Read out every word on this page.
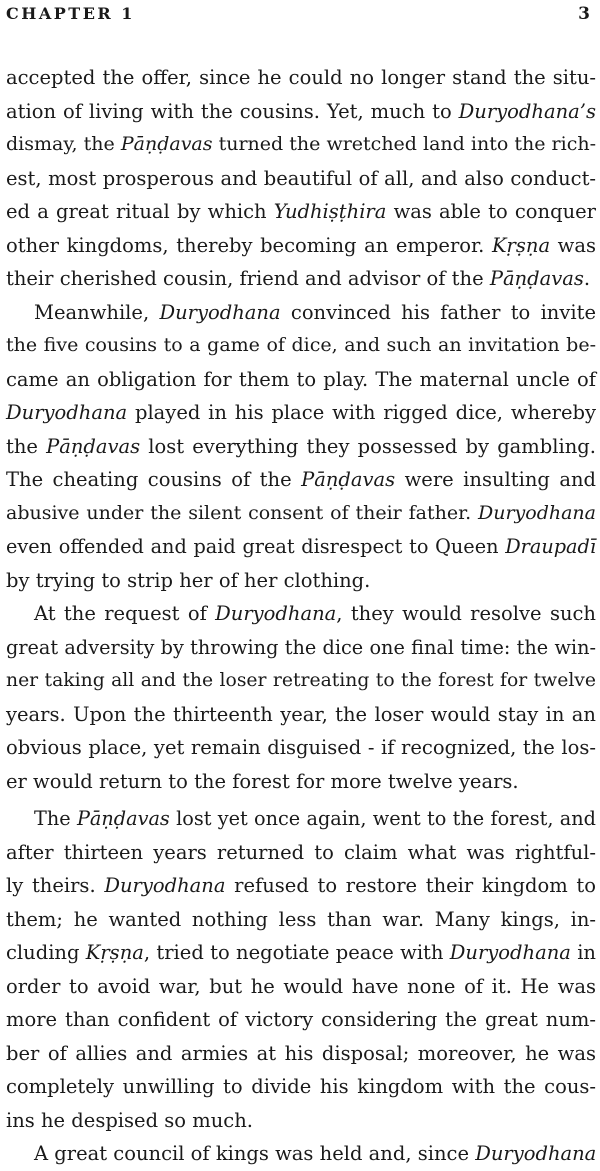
CHAPTER 1	3
accepted the offer, since he could no longer stand the situ-
ation of living with the cousins. Yet, much to Duryodhana’s
dismay, the Pāṇḍavas turned the wretched land into the rich-
est, most prosperous and beautiful of all, and also conduct-
ed a great ritual by which Yudhiṣṭhira was able to conquer
other kingdoms, thereby becoming an emperor. Kṛṣṇa was
their cherished cousin, friend and advisor of the Pāṇḍavas.
Meanwhile, Duryodhana convinced his father to invite
the five cousins to a game of dice, and such an invitation be-
came an obligation for them to play. The maternal uncle of
Duryodhana played in his place with rigged dice, whereby
the Pāṇḍavas lost everything they possessed by gambling.
The cheating cousins of the Pāṇḍavas were insulting and
abusive under the silent consent of their father. Duryodhana
even offended and paid great disrespect to Queen Draupadī
by trying to strip her of her clothing.
At the request of Duryodhana, they would resolve such
great adversity by throwing the dice one final time: the win-
ner taking all and the loser retreating to the forest for twelve
years. Upon the thirteenth year, the loser would stay in an
obvious place, yet remain disguised - if recognized, the los-
er would return to the forest for more twelve years.
The Pāṇḍavas lost yet once again, went to the forest, and
after thirteen years returned to claim what was rightful-
ly theirs. Duryodhana refused to restore their kingdom to
them; he wanted nothing less than war. Many kings, in-
cluding Kṛṣṇa, tried to negotiate peace with Duryodhana in
order to avoid war, but he would have none of it. He was
more than confident of victory considering the great num-
ber of allies and armies at his disposal; moreover, he was
completely unwilling to divide his kingdom with the cous-
ins he despised so much.
A great council of kings was held and, since Duryodhana
